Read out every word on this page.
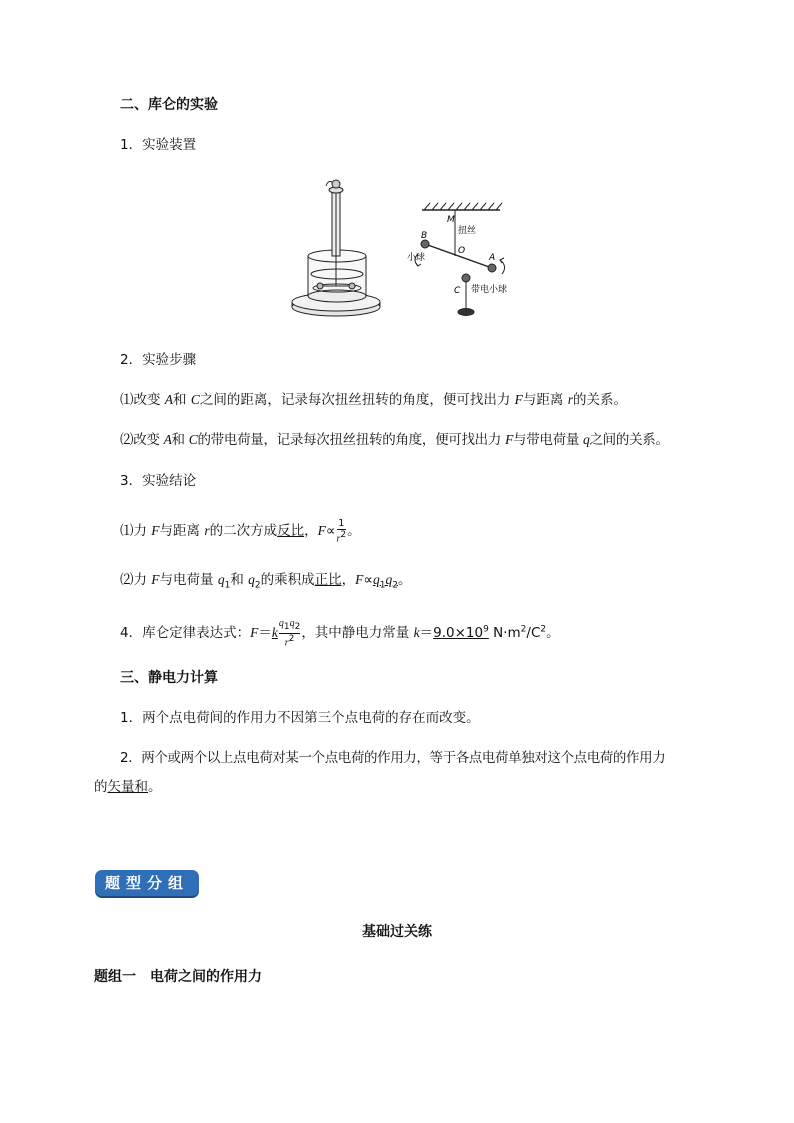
二、库仑的实验
1．实验装置
M
扭丝
O
B
A
小球
C 带电小球
2．实验步骤
⑴改变 A和 C之间的距离，记录每次扭丝扭转的角度，便可找出力 F与距离 r的关系。
⑵改变 A和 C的带电荷量，记录每次扭丝扭转的角度，便可找出力 F与带电荷量 q之间的关系。
3．实验结论
⑴力 F与距离 r的二次方成反比，$F\propto \frac{1}{r^2}$ 。
⑵力 F与电荷量 $q_1$和 $q_2$的乘积成正比，$F\propto q_1q_2$。
4．库仑定律表达式：$F=k \frac{q_1q_2}{r^2}$ ，其中静电力常量 $k=9.0\times 10^9$ $N\cdot m^2/C^2$。
三、静电力计算
1．两个点电荷间的作用力不因第三个点电荷的存在而改变。
2．两个或两个以上点电荷对某一个点电荷的作用力，等于各点电荷单独对这个点电荷的作用力
的矢量和。
题型分组
基础过关练
题组一　电荷之间的作用力
